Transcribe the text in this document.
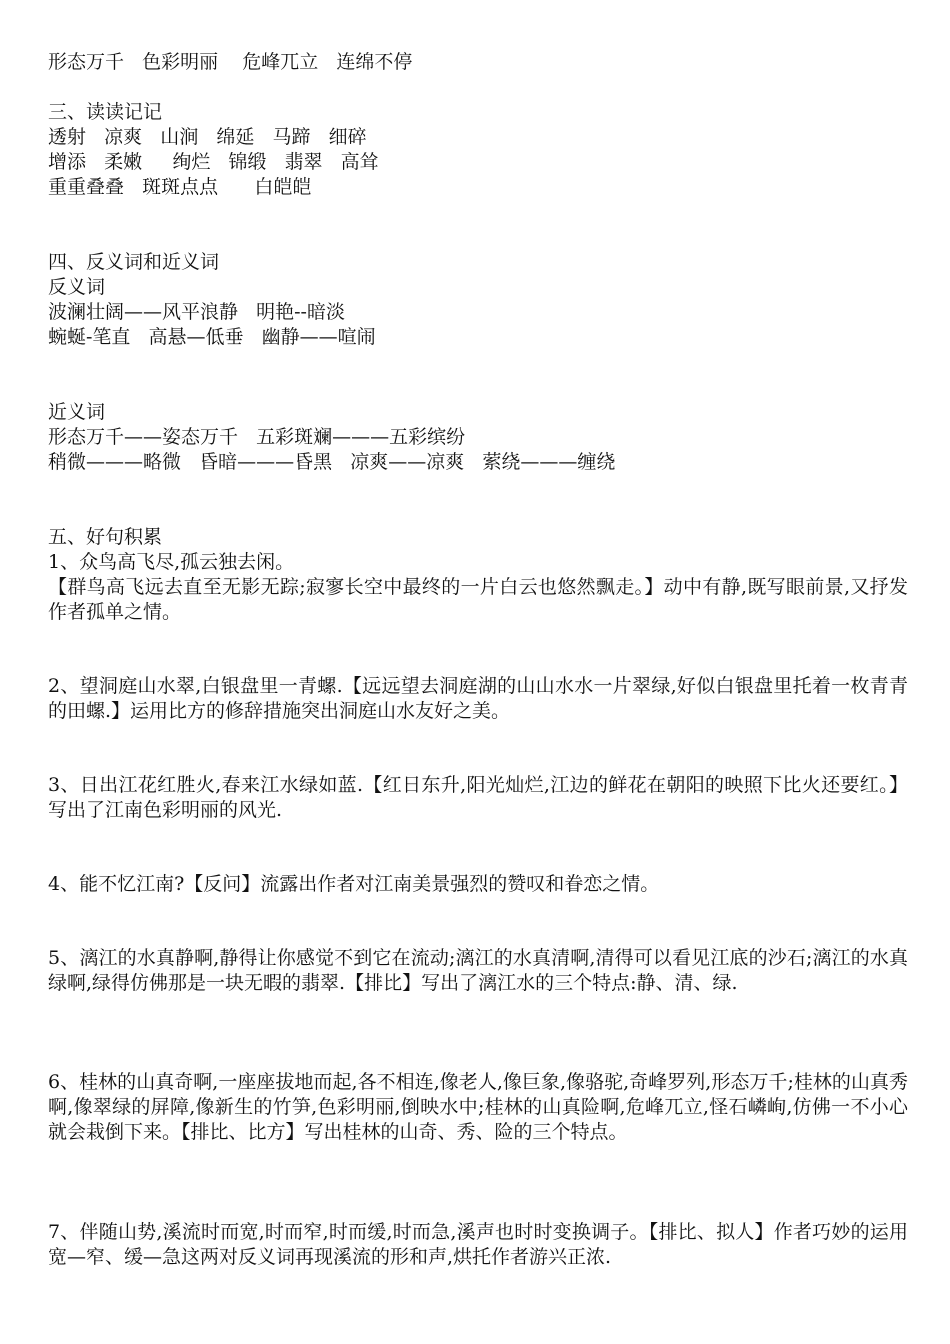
形态万千   色彩明丽    危峰兀立   连绵不停
三、读读记记
透射   凉爽   山涧   绵延   马蹄   细碎
增添   柔嫩     绚烂   锦缎   翡翠   高耸
重重叠叠   斑斑点点      白皑皑
四、反义词和近义词
反义词
波澜壮阔——风平浪静   明艳--暗淡
蜿蜒-笔直   高悬—低垂   幽静——喧闹
近义词
形态万千——姿态万千   五彩斑斓———五彩缤纷
稍微———略微   昏暗———昏黑   凉爽——凉爽   萦绕———缠绕
五、好句积累
1、众鸟高飞尽,孤云独去闲。
【群鸟高飞远去直至无影无踪;寂寥长空中最终的一片白云也悠然飘走。】动中有静,既写眼前景,又抒发作者孤单之情。
2、望洞庭山水翠,白银盘里一青螺.【远远望去洞庭湖的山山水水一片翠绿,好似白银盘里托着一枚青青的田螺.】运用比方的修辞措施突出洞庭山水友好之美。
3、日出江花红胜火,春来江水绿如蓝.【红日东升,阳光灿烂,江边的鲜花在朝阳的映照下比火还要红。】写出了江南色彩明丽的风光.
4、能不忆江南?【反问】流露出作者对江南美景强烈的赞叹和眷恋之情。
5、漓江的水真静啊,静得让你感觉不到它在流动;漓江的水真清啊,清得可以看见江底的沙石;漓江的水真绿啊,绿得仿佛那是一块无暇的翡翠.【排比】写出了漓江水的三个特点:静、清、绿.
6、桂林的山真奇啊,一座座拔地而起,各不相连,像老人,像巨象,像骆驼,奇峰罗列,形态万千;桂林的山真秀啊,像翠绿的屏障,像新生的竹笋,色彩明丽,倒映水中;桂林的山真险啊,危峰兀立,怪石嶙峋,仿佛一不小心就会栽倒下来。【排比、比方】写出桂林的山奇、秀、险的三个特点。
7、伴随山势,溪流时而宽,时而窄,时而缓,时而急,溪声也时时变换调子。【排比、拟人】作者巧妙的运用宽—窄、缓—急这两对反义词再现溪流的形和声,烘托作者游兴正浓.
